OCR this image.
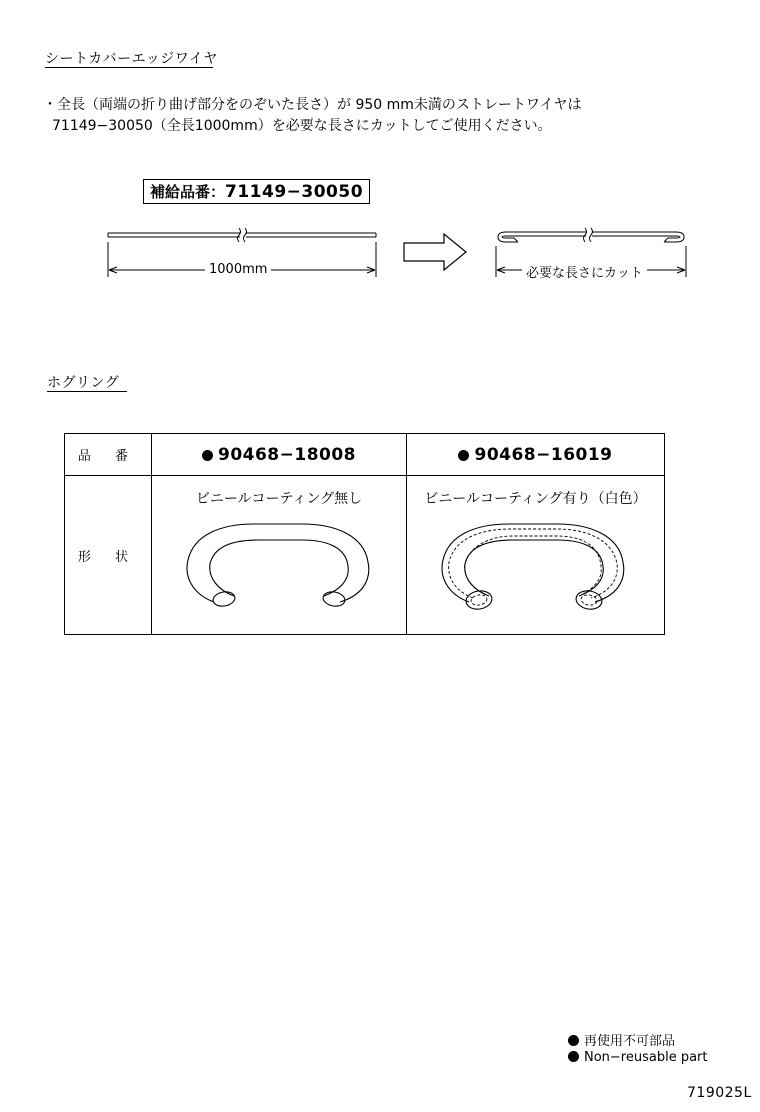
シートカバーエッジワイヤ
・全長（両端の折り曲げ部分をのぞいた長さ）が 950 mm未満のストレートワイヤは
71149−30050（全長1000mm）を必要な長さにカットしてご使用ください。
補給品番：71149−30050
1000mm	必要な長さにカット
ホグリング
品 番	90468−18008	90468−16019

形 状	ビニールコーティング無し	ビニールコーティング有り（白色）
再使用不可部品
Non−reusable part
719025L
